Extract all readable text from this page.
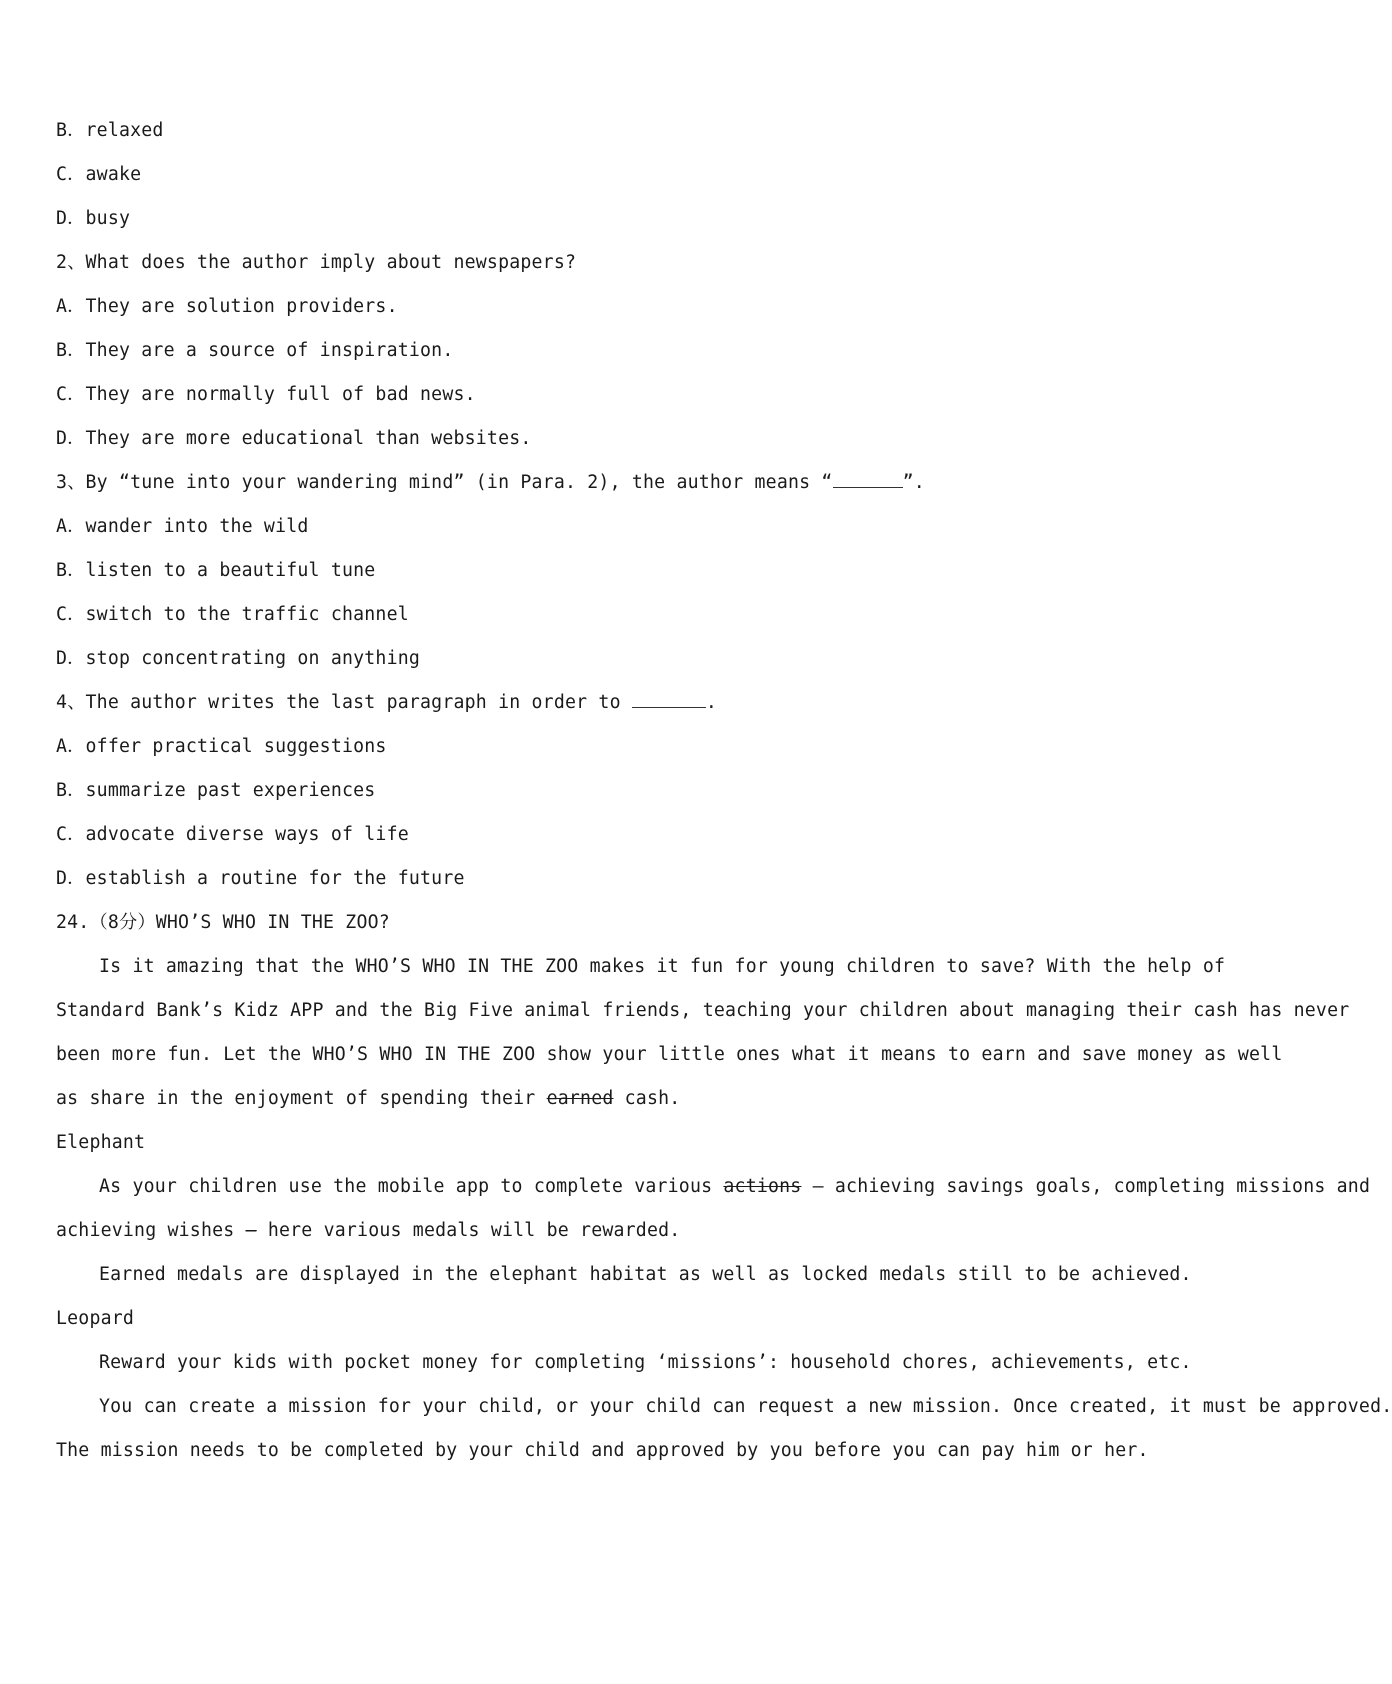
B．relaxed
C．awake
D．busy
2、What does the author imply about newspapers?
A．They are solution providers.
B．They are a source of inspiration.
C．They are normally full of bad news.
D．They are more educational than websites.
3、By “tune into your wandering mind” (in Para. 2), the author means “	”.
A．wander into the wild
B．listen to a beautiful tune
C．switch to the traffic channel
D．stop concentrating on anything
4、The author writes the last paragraph in order to	.
A．offer practical suggestions
B．summarize past experiences
C．advocate diverse ways of life
D．establish a routine for the future
24.（8分）WHO’S WHO IN THE ZOO?
Is it amazing that the WHO’S WHO IN THE ZOO makes it fun for young children to save? With the help of
Standard Bank’s Kidz APP and the Big Five animal friends, teaching your children about managing their cash has never
been more fun. Let the WHO’S WHO IN THE ZOO show your little ones what it means to earn and save money as well
as share in the enjoyment of spending their earned cash.
Elephant
As your children use the mobile app to complete various actions — achieving savings goals, completing missions and
achieving wishes — here various medals will be rewarded.
Earned medals are displayed in the elephant habitat as well as locked medals still to be achieved.
Leopard
Reward your kids with pocket money for completing ‘missions’: household chores, achievements, etc.
You can create a mission for your child, or your child can request a new mission. Once created, it must be approved.
The mission needs to be completed by your child and approved by you before you can pay him or her.
